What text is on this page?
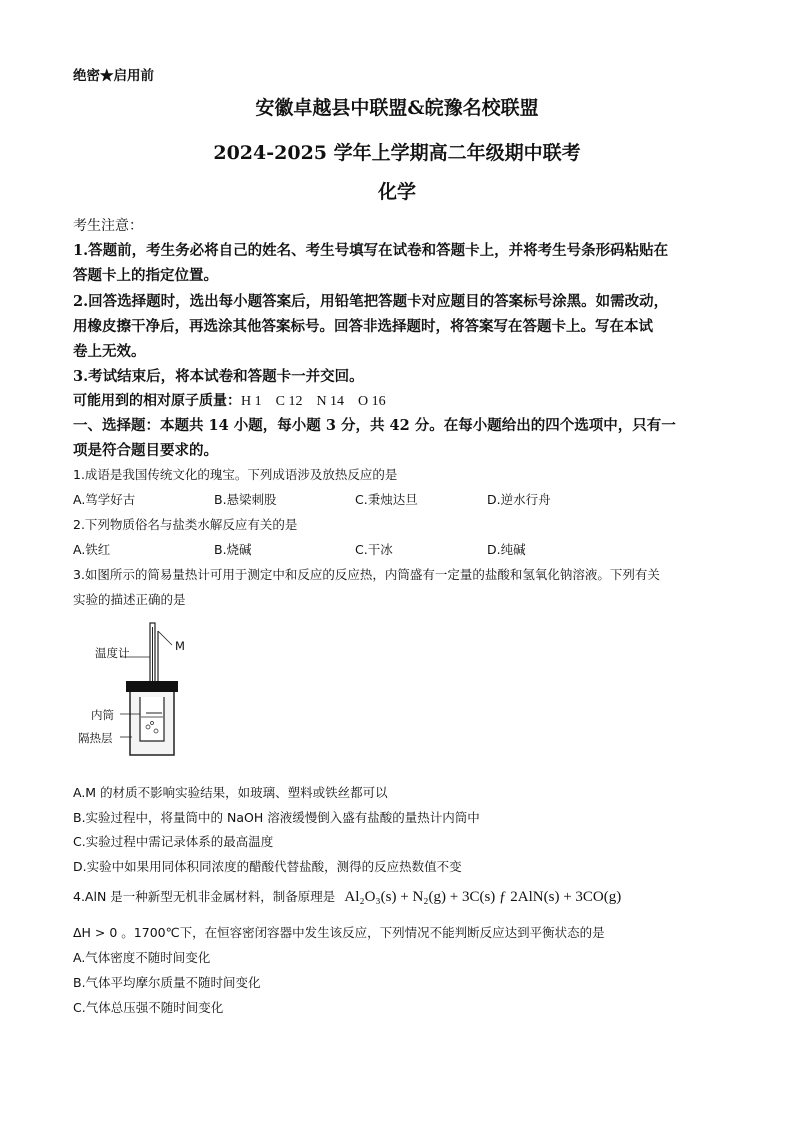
绝密★启用前
安徽卓越县中联盟&皖豫名校联盟
2024-2025 学年上学期高二年级期中联考
化学
考生注意：
1.答题前，考生务必将自己的姓名、考生号填写在试卷和答题卡上，并将考生号条形码粘贴在
答题卡上的指定位置。
2.回答选择题时，选出每小题答案后，用铅笔把答题卡对应题目的答案标号涂黑。如需改动，
用橡皮擦干净后，再选涂其他答案标号。回答非选择题时，将答案写在答题卡上。写在本试
卷上无效。
3.考试结束后，将本试卷和答题卡一并交回。
可能用到的相对原子质量：H 1    C 12    N 14    O 16
一、选择题：本题共 14 小题，每小题 3 分，共 42 分。在每小题给出的四个选项中，只有一
项是符合题目要求的。
1.成语是我国传统文化的瑰宝。下列成语涉及放热反应的是
A.笃学好古	B.悬梁刺股	C.秉烛达旦	D.逆水行舟
2.下列物质俗名与盐类水解反应有关的是
A.铁红	B.烧碱	C.干冰	D.纯碱
3.如图所示的简易量热计可用于测定中和反应的反应热，内筒盛有一定量的盐酸和氢氧化钠溶液。下列有关
实验的描述正确的是
温度计	M
内筒
隔热层
A.M 的材质不影响实验结果，如玻璃、塑料或铁丝都可以
B.实验过程中，将量筒中的 NaOH 溶液缓慢倒入盛有盐酸的量热计内筒中
C.实验过程中需记录体系的最高温度
D.实验中如果用同体积同浓度的醋酸代替盐酸，测得的反应热数值不变
4.AlN 是一种新型无机非金属材料，制备原理是 Al₂O₃(s) + N₂(g) + 3C(s) ƒ 2AlN(s) + 3CO(g)
ΔH > 0 。1700℃下，在恒容密闭容器中发生该反应，下列情况不能判断反应达到平衡状态的是
A.气体密度不随时间变化
B.气体平均摩尔质量不随时间变化
C.气体总压强不随时间变化
